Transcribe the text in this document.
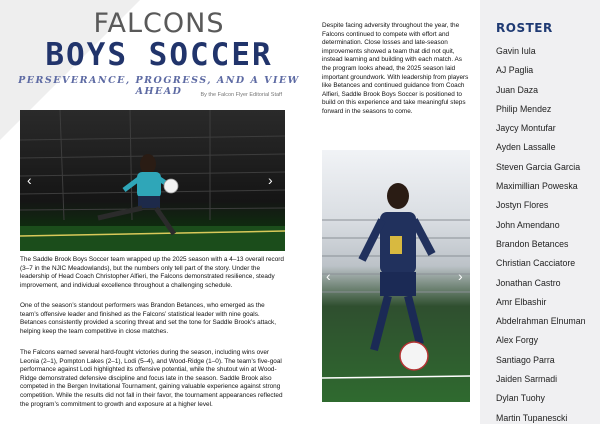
FALCONS
BOYS SOCCER
PERSEVERANCE, PROGRESS, AND A VIEW AHEAD	By the Falcon Flyer Editorial Staff
‹	›
‹	›

The Saddle Brook Boys Soccer team wrapped up the 2025 season with a 4–13 overall record (3–7 in the NJIC Meadowlands), but the numbers only tell part of the story. Under the leadership of Head Coach Christopher Alfieri, the Falcons demonstrated resilience, steady improvement, and individual excellence throughout a challenging schedule.

One of the season’s standout performers was Brandon Betances, who emerged as the team’s offensive leader and finished as the Falcons’ statistical leader with nine goals. Betances consistently provided a scoring threat and set the tone for Saddle Brook’s attack, helping keep the team competitive in close matches.

The Falcons earned several hard-fought victories during the season, including wins over Leonia (2–1), Pompton Lakes (2–1), Lodi (5–4), and Wood-Ridge (1–0). The team’s five-goal performance against Lodi highlighted its offensive potential, while the shutout win at Wood-Ridge demonstrated defensive discipline and focus late in the season. Saddle Brook also competed in the Bergen Invitational Tournament, gaining valuable experience against strong competition. While the results did not fall in their favor, the tournament appearances reflected the program’s commitment to growth and exposure at a higher level.

Despite facing adversity throughout the year, the Falcons continued to compete with effort and determination. Close losses and late-season improvements showed a team that did not quit, instead learning and building with each match. As the program looks ahead, the 2025 season laid important groundwork. With leadership from players like Betances and continued guidance from Coach Alfieri, Saddle Brook Boys Soccer is positioned to build on this experience and take meaningful steps forward in the seasons to come.

ROSTER
Gavin Iula
AJ Paglia
Juan Daza
Philip Mendez
Jaycy Montufar
Ayden Lassalle
Steven Garcia Garcia
Maximillian Poweska
Jostyn Flores
John Amendano
Brandon Betances
Christian Cacciatore
Jonathan Castro
Amr Elbashir
Abdelrahman Elnuman
Alex Forgy
Santiago Parra
Jaiden Sarmadi
Dylan Tuohy
Martin Tupanescki
